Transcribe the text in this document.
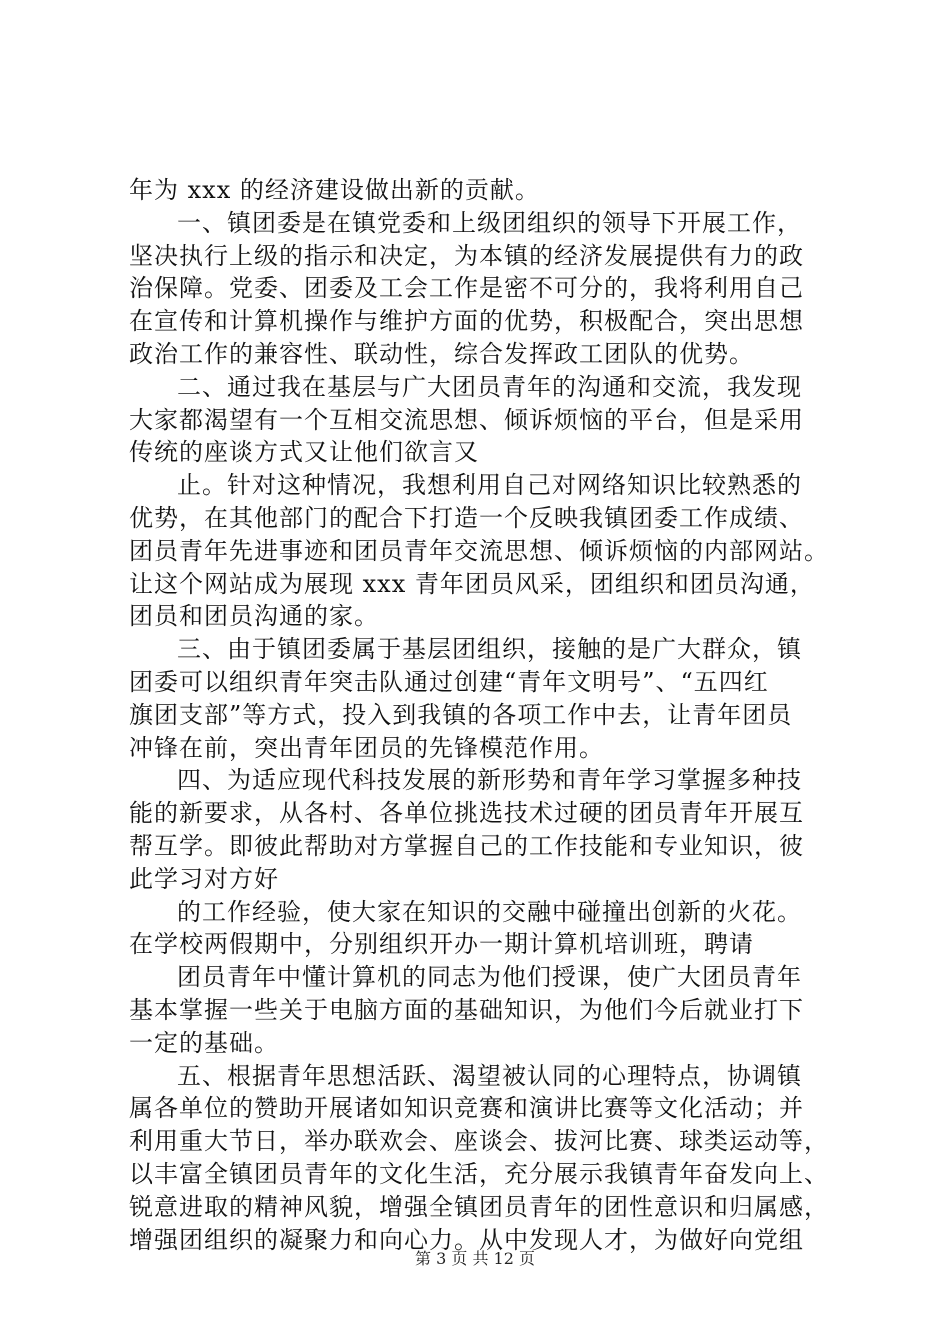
年为 xxx 的经济建设做出新的贡献。
一、镇团委是在镇党委和上级团组织的领导下开展工作，
坚决执行上级的指示和决定，为本镇的经济发展提供有力的政
治保障。党委、团委及工会工作是密不可分的，我将利用自己
在宣传和计算机操作与维护方面的优势，积极配合，突出思想
政治工作的兼容性、联动性，综合发挥政工团队的优势。
二、通过我在基层与广大团员青年的沟通和交流，我发现
大家都渴望有一个互相交流思想、倾诉烦恼的平台，但是采用
传统的座谈方式又让他们欲言又
止。针对这种情况，我想利用自己对网络知识比较熟悉的
优势，在其他部门的配合下打造一个反映我镇团委工作成绩、
团员青年先进事迹和团员青年交流思想、倾诉烦恼的内部网站。
让这个网站成为展现 xxx 青年团员风采，团组织和团员沟通，
团员和团员沟通的家。
三、由于镇团委属于基层团组织，接触的是广大群众，镇
团委可以组织青年突击队通过创建“青年文明号”、“五四红
旗团支部”等方式，投入到我镇的各项工作中去，让青年团员
冲锋在前，突出青年团员的先锋模范作用。
四、为适应现代科技发展的新形势和青年学习掌握多种技
能的新要求，从各村、各单位挑选技术过硬的团员青年开展互
帮互学。即彼此帮助对方掌握自己的工作技能和专业知识，彼
此学习对方好
的工作经验，使大家在知识的交融中碰撞出创新的火花。
在学校两假期中，分别组织开办一期计算机培训班，聘请
团员青年中懂计算机的同志为他们授课，使广大团员青年
基本掌握一些关于电脑方面的基础知识，为他们今后就业打下
一定的基础。
五、根据青年思想活跃、渴望被认同的心理特点，协调镇
属各单位的赞助开展诸如知识竞赛和演讲比赛等文化活动；并
利用重大节日，举办联欢会、座谈会、拔河比赛、球类运动等，
以丰富全镇团员青年的文化生活，充分展示我镇青年奋发向上、
锐意进取的精神风貌，增强全镇团员青年的团性意识和归属感，
增强团组织的凝聚力和向心力。从中发现人才，为做好向党组
第 3 页 共 12 页
